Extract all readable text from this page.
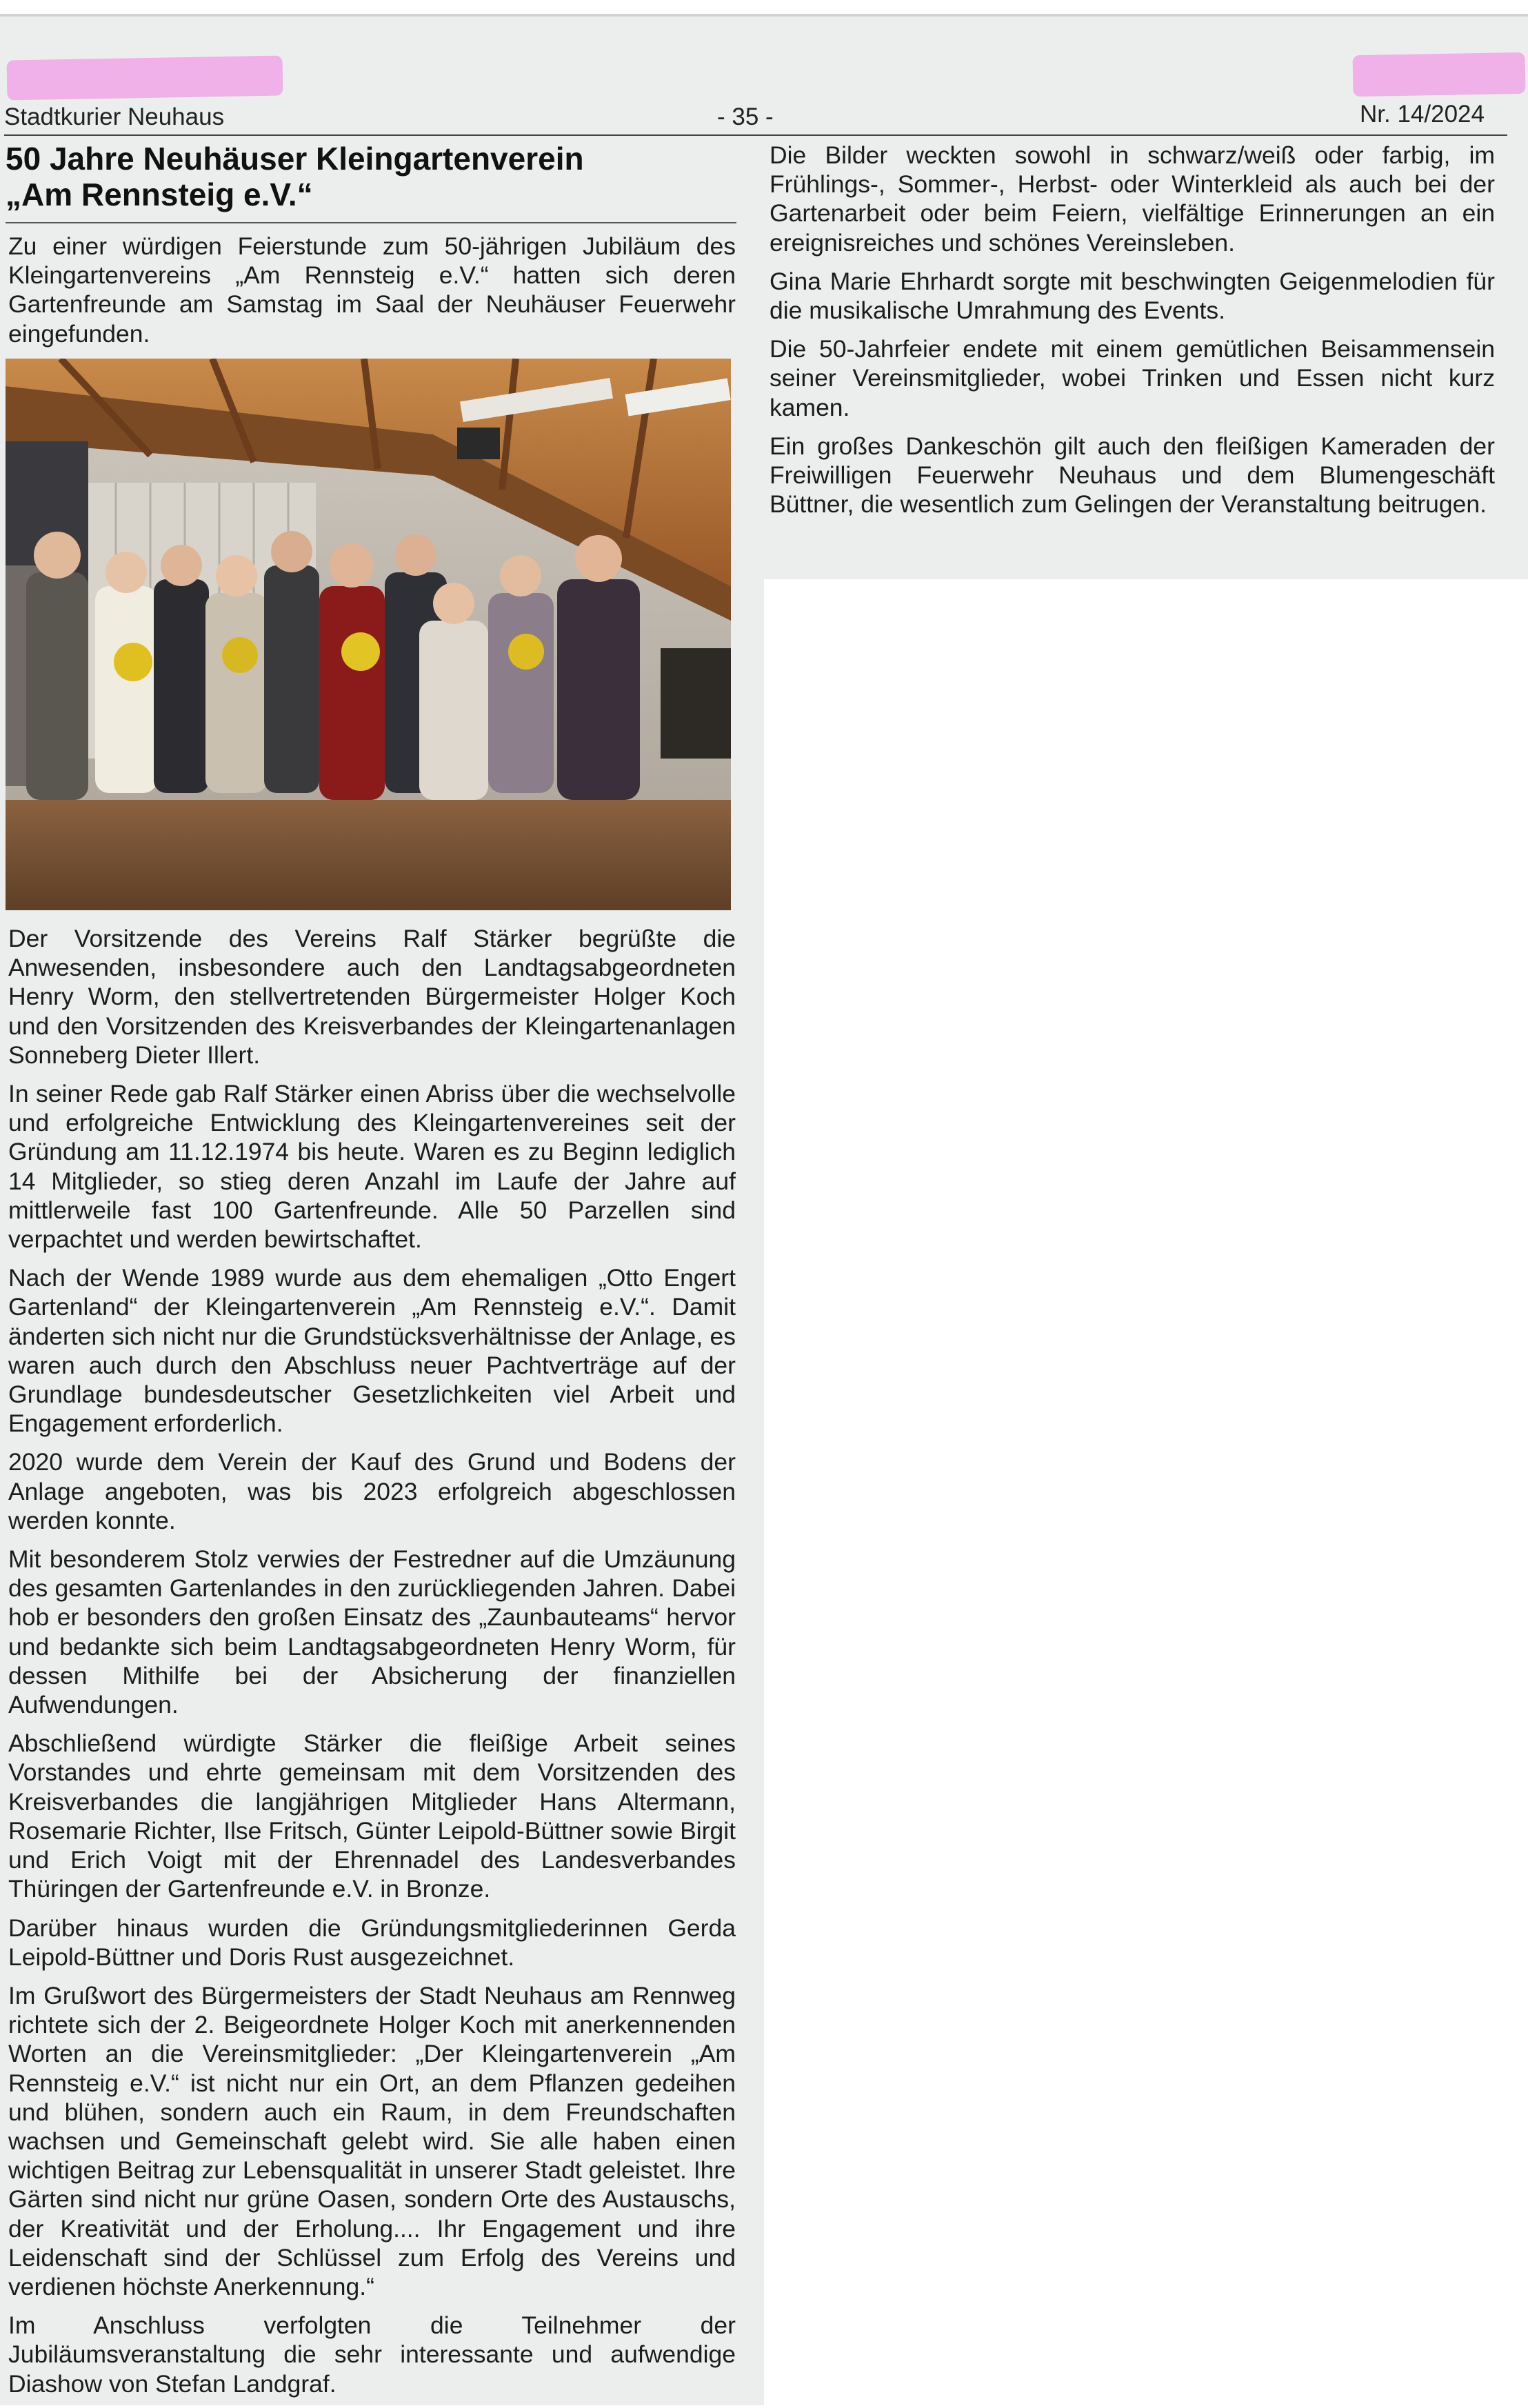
Stadtkurier Neuhaus	- 35 -	Nr. 14/2024
50 Jahre Neuhäuser Kleingartenverein
„Am Rennsteig e.V.“

Zu einer würdigen Feierstunde zum 50-jährigen Jubiläum des Kleingartenvereins „Am Rennsteig e.V.“ hatten sich deren Gartenfreunde am Samstag im Saal der Neuhäuser Feuerwehr eingefunden.

Der Vorsitzende des Vereins Ralf Stärker begrüßte die Anwesenden, insbesondere auch den Landtagsabgeordneten Henry Worm, den stellvertretenden Bürgermeister Holger Koch und den Vorsitzenden des Kreisverbandes der Kleingartenanlagen Sonneberg Dieter Illert.

In seiner Rede gab Ralf Stärker einen Abriss über die wechselvolle und erfolgreiche Entwicklung des Kleingartenvereines seit der Gründung am 11.12.1974 bis heute. Waren es zu Beginn lediglich 14 Mitglieder, so stieg deren Anzahl im Laufe der Jahre auf mittlerweile fast 100 Gartenfreunde. Alle 50 Parzellen sind verpachtet und werden bewirtschaftet.

Nach der Wende 1989 wurde aus dem ehemaligen „Otto Engert Gartenland“ der Kleingartenverein „Am Rennsteig e.V.“. Damit änderten sich nicht nur die Grundstücksverhältnisse der Anlage, es waren auch durch den Abschluss neuer Pachtverträge auf der Grundlage bundesdeutscher Gesetzlichkeiten viel Arbeit und Engagement erforderlich.

2020 wurde dem Verein der Kauf des Grund und Bodens der Anlage angeboten, was bis 2023 erfolgreich abgeschlossen werden konnte.

Mit besonderem Stolz verwies der Festredner auf die Umzäunung des gesamten Gartenlandes in den zurückliegenden Jahren. Dabei hob er besonders den großen Einsatz des „Zaunbauteams“ hervor und bedankte sich beim Landtagsabgeordneten Henry Worm, für dessen Mithilfe bei der Absicherung der finanziellen Aufwendungen.

Abschließend würdigte Stärker die fleißige Arbeit seines Vorstandes und ehrte gemeinsam mit dem Vorsitzenden des Kreisverbandes die langjährigen Mitglieder Hans Altermann, Rosemarie Richter, Ilse Fritsch, Günter Leipold-Büttner sowie Birgit und Erich Voigt mit der Ehrennadel des Landesverbandes Thüringen der Gartenfreunde e.V. in Bronze.

Darüber hinaus wurden die Gründungsmitgliederinnen Gerda Leipold-Büttner und Doris Rust ausgezeichnet.

Im Grußwort des Bürgermeisters der Stadt Neuhaus am Rennweg richtete sich der 2. Beigeordnete Holger Koch mit anerkennenden Worten an die Vereinsmitglieder: „Der Kleingartenverein „Am Rennsteig e.V.“ ist nicht nur ein Ort, an dem Pflanzen gedeihen und blühen, sondern auch ein Raum, in dem Freundschaften wachsen und Gemeinschaft gelebt wird. Sie alle haben einen wichtigen Beitrag zur Lebensqualität in unserer Stadt geleistet. Ihre Gärten sind nicht nur grüne Oasen, sondern Orte des Austauschs, der Kreativität und der Erholung.... Ihr Engagement und ihre Leidenschaft sind der Schlüssel zum Erfolg des Vereins und verdienen höchste Anerkennung.“

Im Anschluss verfolgten die Teilnehmer der Jubiläumsveranstaltung die sehr interessante und aufwendige Diashow von Stefan Landgraf.

Die Bilder weckten sowohl in schwarz/weiß oder farbig, im Frühlings-, Sommer-, Herbst- oder Winterkleid als auch bei der Gartenarbeit oder beim Feiern, vielfältige Erinnerungen an ein ereignisreiches und schönes Vereinsleben.

Gina Marie Ehrhardt sorgte mit beschwingten Geigenmelodien für die musikalische Umrahmung des Events.

Die 50-Jahrfeier endete mit einem gemütlichen Beisammensein seiner Vereinsmitglieder, wobei Trinken und Essen nicht kurz kamen.

Ein großes Dankeschön gilt auch den fleißigen Kameraden der Freiwilligen Feuerwehr Neuhaus und dem Blumengeschäft Büttner, die wesentlich zum Gelingen der Veranstaltung beitrugen.
